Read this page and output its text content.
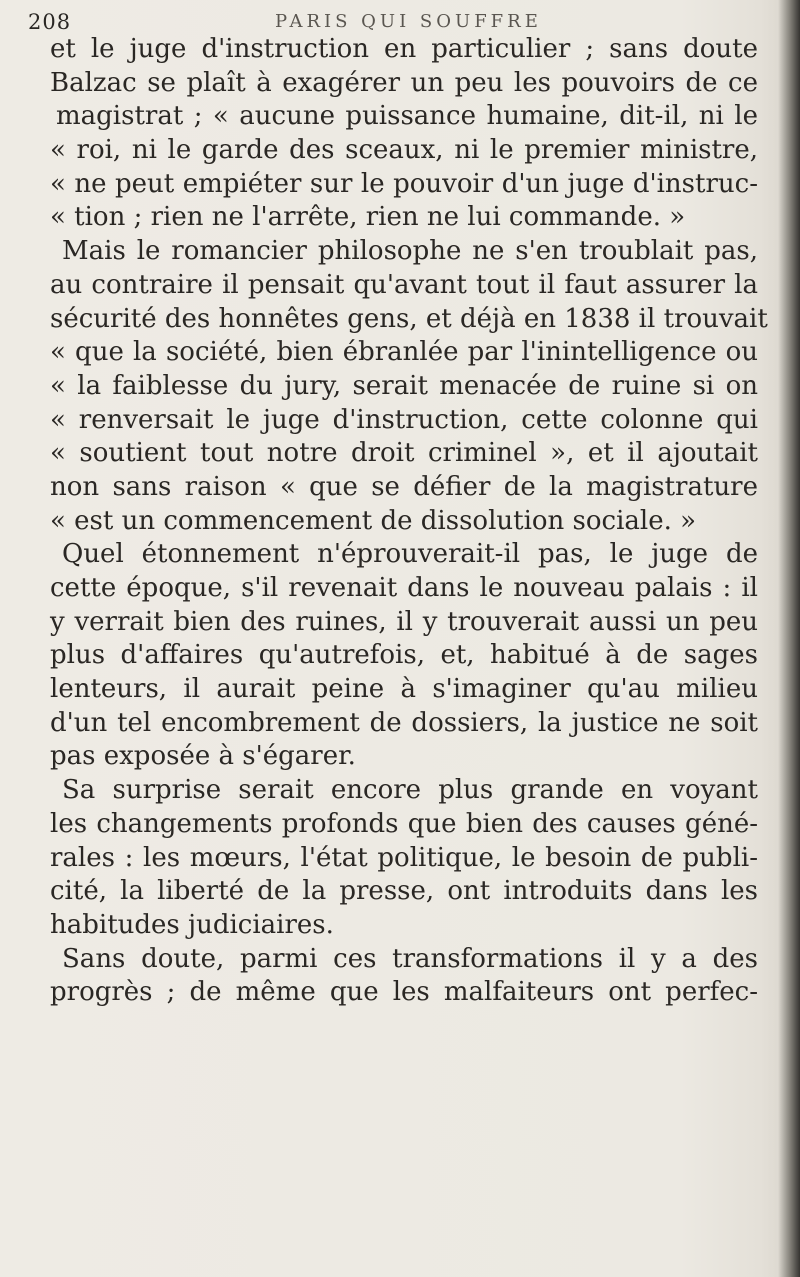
208	PARIS QUI SOUFFRE
et le juge d'instruction en particulier ; sans doute
Balzac se plaît à exagérer un peu les pouvoirs de ce
magistrat ; « aucune puissance humaine, dit-il, ni le
« roi, ni le garde des sceaux, ni le premier ministre,
« ne peut empiéter sur le pouvoir d'un juge d'instruc-
« tion ; rien ne l'arrête, rien ne lui commande. »
Mais le romancier philosophe ne s'en troublait pas,
au contraire il pensait qu'avant tout il faut assurer la
sécurité des honnêtes gens, et déjà en 1838 il trouvait
« que la société, bien ébranlée par l'inintelligence ou
« la faiblesse du jury, serait menacée de ruine si on
« renversait le juge d'instruction, cette colonne qui
« soutient tout notre droit criminel », et il ajoutait
non sans raison « que se défier de la magistrature
« est un commencement de dissolution sociale. »
Quel étonnement n'éprouverait-il pas, le juge de
cette époque, s'il revenait dans le nouveau palais : il
y verrait bien des ruines, il y trouverait aussi un peu
plus d'affaires qu'autrefois, et, habitué à de sages
lenteurs, il aurait peine à s'imaginer qu'au milieu
d'un tel encombrement de dossiers, la justice ne soit
pas exposée à s'égarer.
Sa surprise serait encore plus grande en voyant
les changements profonds que bien des causes géné-
rales : les mœurs, l'état politique, le besoin de publi-
cité, la liberté de la presse, ont introduits dans les
habitudes judiciaires.
Sans doute, parmi ces transformations il y a des
progrès ; de même que les malfaiteurs ont perfec-
